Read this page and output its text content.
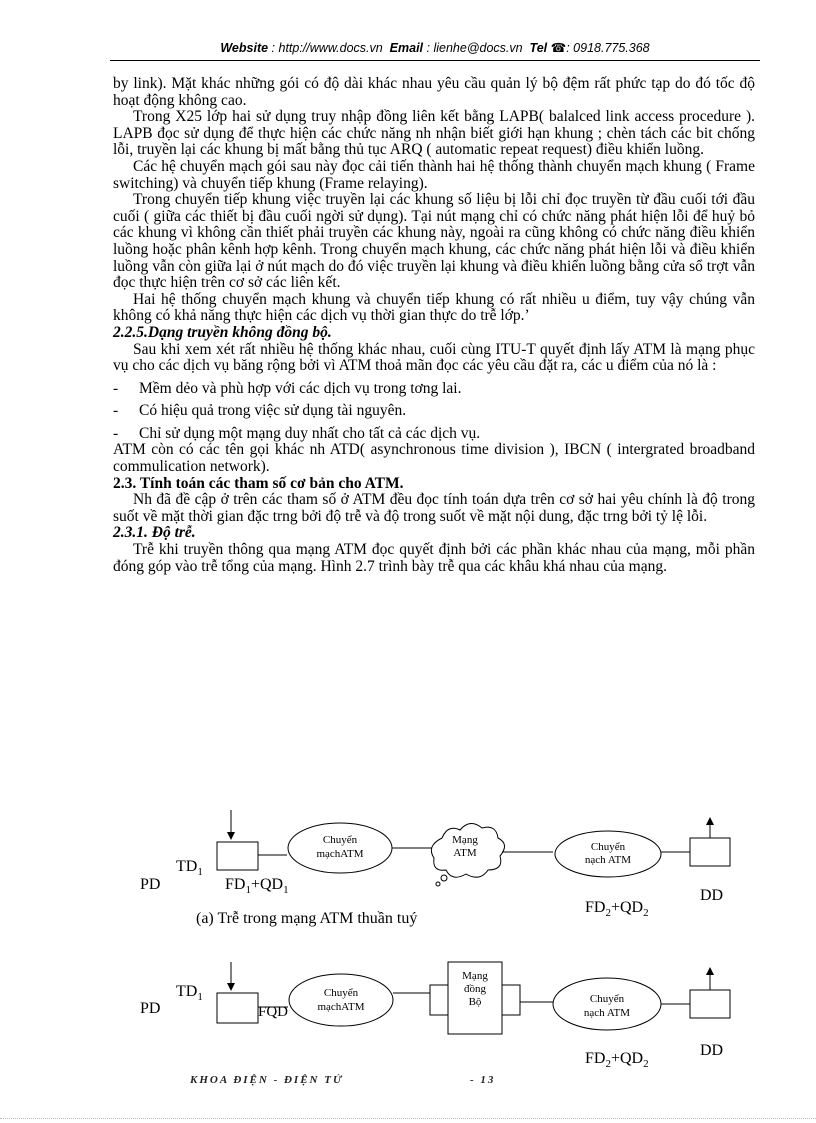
Website : http://www.docs.vn Email : lienhe@docs.vn Tel ☎: 0918.775.368

by link). Mặt khác những gói có độ dài khác nhau yêu cầu quản lý bộ đệm rất phức tạp do đó tốc độ hoạt động không cao.

Trong X25 lớp hai sử dụng truy nhập đồng liên kết bằng LAPB( balalced link access procedure ). LAPB đọc sử dụng để thực hiện các chức năng nh nhận biết giới hạn khung ; chèn tách các bit chống lỗi, truyền lại các khung bị mất bằng thủ tục ARQ ( automatic repeat request) điều khiển luồng.

Các hệ chuyển mạch gói sau này đọc cải tiến thành hai hệ thống thành chuyển mạch khung ( Frame switching) và chuyển tiếp khung (Frame relaying).

Trong chuyển tiếp khung việc truyền lại các khung số liệu bị lỗi chỉ đọc truyền từ đầu cuối tới đầu cuối ( giữa các thiết bị đầu cuối ngời sử dụng). Tại nút mạng chỉ có chức năng phát hiện lỗi để huỷ bỏ các khung vì không cần thiết phải truyền các khung này, ngoài ra cũng không có chức năng điều khiển luồng hoặc phân kênh hợp kênh. Trong chuyển mạch khung, các chức năng phát hiện lỗi và điều khiển luồng vẫn còn giữa lại ở nút mạch do đó việc truyền lại khung và điều khiển luồng bằng cửa sổ trợt vẫn đọc thực hiện trên cơ sở các liên kết.

Hai hệ thống chuyển mạch khung và chuyển tiếp khung có rất nhiều u điểm, tuy vậy chúng vẫn không có khả năng thực hiện các dịch vụ thời gian thực do trễ lớp.’

2.2.5.Dạng truyền không đồng bộ.

Sau khi xem xét rất nhiều hệ thống khác nhau, cuối cùng ITU-T quyết định lấy ATM là mạng phục vụ cho các dịch vụ băng rộng bởi vì ATM thoả mãn đọc các yêu cầu đặt ra, các u điểm của nó là :

- Mềm dẻo và phù hợp với các dịch vụ trong tơng lai.

- Có hiệu quả trong việc sử dụng tài nguyên.

- Chỉ sử dụng một mạng duy nhất cho tất cả các dịch vụ.

ATM còn có các tên gọi khác nh ATD( asynchronous time division ), IBCN ( intergrated broadband commulication network).

2.3. Tính toán các tham số cơ bản cho ATM.

Nh đã đề cập ở trên các tham số ở ATM đều đọc tính toán dựa trên cơ sở hai yêu chính là độ trong suốt về mặt thời gian đặc trng bởi độ trễ và độ trong suốt về mặt nội dung, đặc trng bởi tỷ lệ lỗi.

2.3.1. Độ trễ.

Trễ khi truyền thông qua mạng ATM đọc quyết định bởi các phần khác nhau của mạng, mỗi phần đóng góp vào trễ tổng của mạng. Hình 2.7 trình bày trễ qua các khâu khá nhau của mạng.

$TD_1$
PD	$FD_1+QD_1$
Chuyển
mạchATM
Mạng
ATM	Chuyển
nạch ATM
$FD_2+QD_2$
DD
(a) Trễ trong mạng ATM thuần tuý
$TD_1$
PD	FQD
Chuyển
mạchATM
Mạng
đồng
Bộ	Chuyển
nạch ATM
$FD_2+QD_2$
DD
KHOA ĐIỆN - ĐIỆN TỬ	- 13
